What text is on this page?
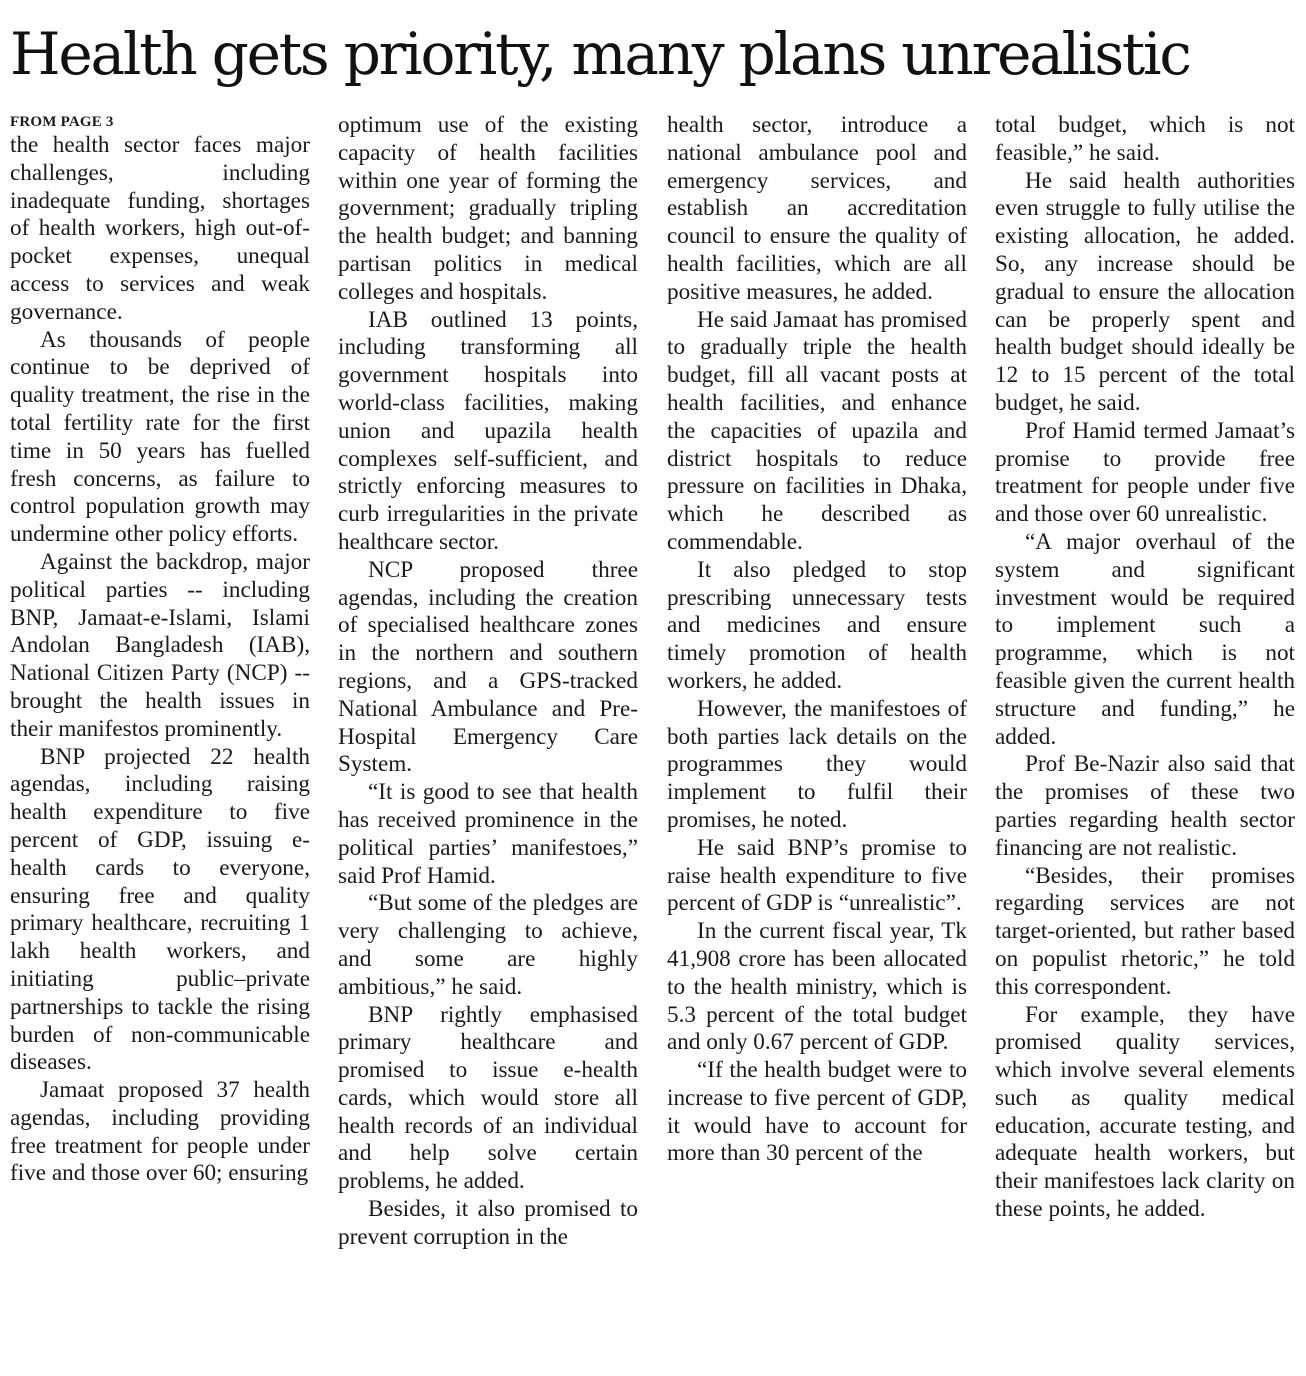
Health gets priority, many plans unrealistic
FROM PAGE 3

the health sector faces major challenges, including inadequate funding, shortages of health workers, high out-of-pocket expenses, unequal access to services and weak governance.

As thousands of people continue to be deprived of quality treatment, the rise in the total fertility rate for the first time in 50 years has fuelled fresh concerns, as failure to control population growth may undermine other policy efforts.

Against the backdrop, major political parties -- including BNP, Jamaat-e-Islami, Islami Andolan Bangladesh (IAB), National Citizen Party (NCP) -- brought the health issues in their manifestos prominently.

BNP projected 22 health agendas, including raising health expenditure to five percent of GDP, issuing e-health cards to everyone, ensuring free and quality primary healthcare, recruiting 1 lakh health workers, and initiating public–private partnerships to tackle the rising burden of non-communicable diseases.

Jamaat proposed 37 health agendas, including providing free treatment for people under five and those over 60; ensuring

optimum use of the existing capacity of health facilities within one year of forming the government; gradually tripling the health budget; and banning partisan politics in medical colleges and hospitals.

IAB outlined 13 points, including transforming all government hospitals into world-class facilities, making union and upazila health complexes self-sufficient, and strictly enforcing measures to curb irregularities in the private healthcare sector.

NCP proposed three agendas, including the creation of specialised healthcare zones in the northern and southern regions, and a GPS-tracked National Ambulance and Pre-Hospital Emergency Care System.

“It is good to see that health has received prominence in the political parties’ manifestoes,” said Prof Hamid.

“But some of the pledges are very challenging to achieve, and some are highly ambitious,” he said.

BNP rightly emphasised primary healthcare and promised to issue e-health cards, which would store all health records of an individual and help solve certain problems, he added.

Besides, it also promised to prevent corruption in the

health sector, introduce a national ambulance pool and emergency services, and establish an accreditation council to ensure the quality of health facilities, which are all positive measures, he added.

He said Jamaat has promised to gradually triple the health budget, fill all vacant posts at health facilities, and enhance the capacities of upazila and district hospitals to reduce pressure on facilities in Dhaka, which he described as commendable.

It also pledged to stop prescribing unnecessary tests and medicines and ensure timely promotion of health workers, he added.

However, the manifestoes of both parties lack details on the programmes they would implement to fulfil their promises, he noted.

He said BNP’s promise to raise health expenditure to five percent of GDP is “unrealistic”.

In the current fiscal year, Tk 41,908 crore has been allocated to the health ministry, which is 5.3 percent of the total budget and only 0.67 percent of GDP.

“If the health budget were to increase to five percent of GDP, it would have to account for more than 30 percent of the

total budget, which is not feasible,” he said.

He said health authorities even struggle to fully utilise the existing allocation, he added. So, any increase should be gradual to ensure the allocation can be properly spent and health budget should ideally be 12 to 15 percent of the total budget, he said.

Prof Hamid termed Jamaat’s promise to provide free treatment for people under five and those over 60 unrealistic.

“A major overhaul of the system and significant investment would be required to implement such a programme, which is not feasible given the current health structure and funding,” he added.

Prof Be-Nazir also said that the promises of these two parties regarding health sector financing are not realistic.

“Besides, their promises regarding services are not target-oriented, but rather based on populist rhetoric,” he told this correspondent.

For example, they have promised quality services, which involve several elements such as quality medical education, accurate testing, and adequate health workers, but their manifestoes lack clarity on these points, he added.
